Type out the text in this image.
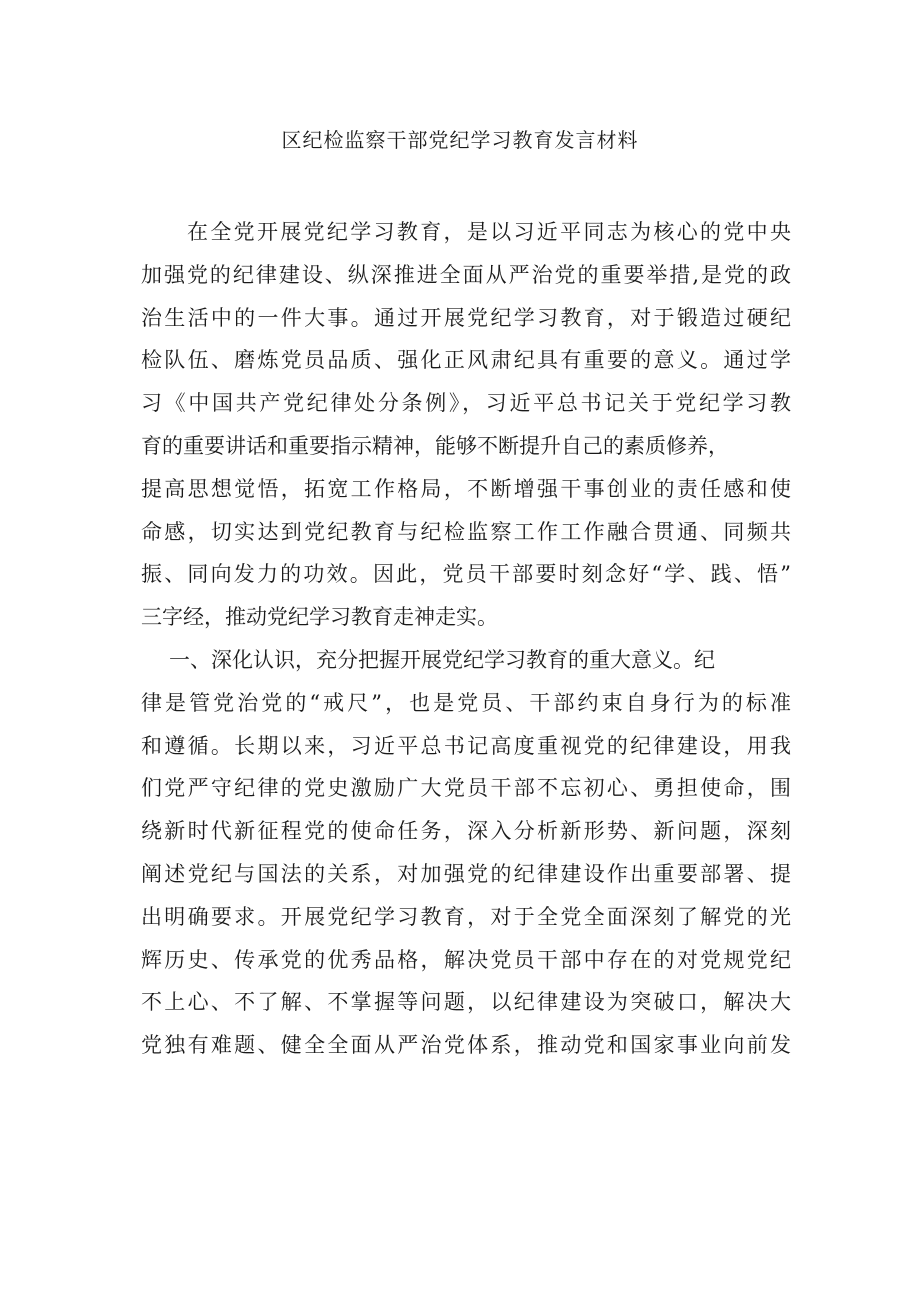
区纪检监察干部党纪学习教育发言材料
在全党开展党纪学习教育，是以习近平同志为核心的党中央
加强党的纪律建设、纵深推进全面从严治党的重要举措,是党的政
治生活中的一件大事。通过开展党纪学习教育，对于锻造过硬纪
检队伍、磨炼党员品质、强化正风肃纪具有重要的意义。通过学
习《中国共产党纪律处分条例》，习近平总书记关于党纪学习教
育的重要讲话和重要指示精神，能够不断提升自己的素质修养，
提高思想觉悟，拓宽工作格局，不断增强干事创业的责任感和使
命感，切实达到党纪教育与纪检监察工作工作融合贯通、同频共
振、同向发力的功效。因此，党员干部要时刻念好“学、践、悟”
三字经，推动党纪学习教育走神走实。
一、深化认识，充分把握开展党纪学习教育的重大意义。纪
律是管党治党的“戒尺”，也是党员、干部约束自身行为的标准
和遵循。长期以来，习近平总书记高度重视党的纪律建设，用我
们党严守纪律的党史激励广大党员干部不忘初心、勇担使命，围
绕新时代新征程党的使命任务，深入分析新形势、新问题，深刻
阐述党纪与国法的关系，对加强党的纪律建设作出重要部署、提
出明确要求。开展党纪学习教育，对于全党全面深刻了解党的光
辉历史、传承党的优秀品格，解决党员干部中存在的对党规党纪
不上心、不了解、不掌握等问题，以纪律建设为突破口，解决大
党独有难题、健全全面从严治党体系，推动党和国家事业向前发
